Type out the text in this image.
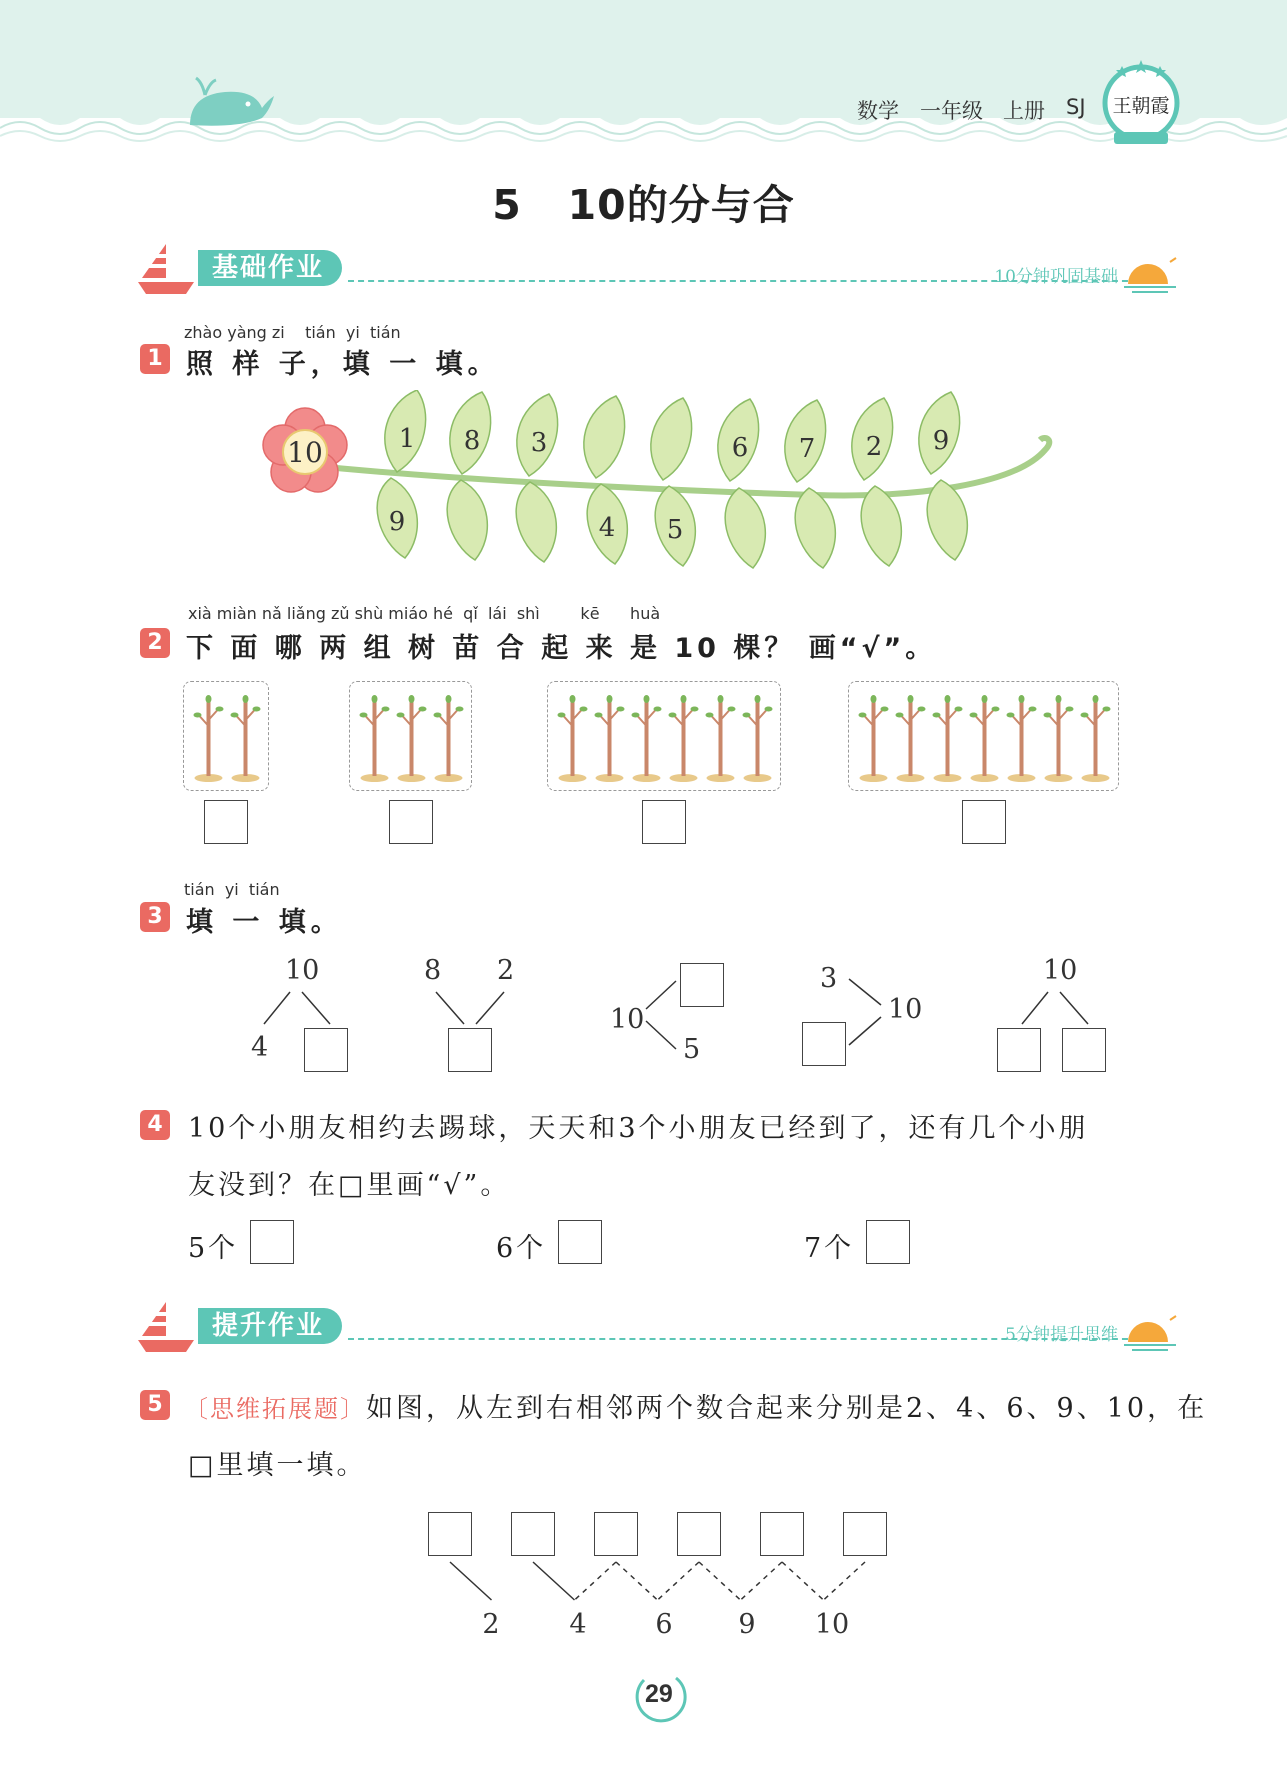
数学 一年级 上册 SJ 王朝霞
5   10的分与合
基础作业	10分钟巩固基础
zhào yàng zi    tián  yi  tián
1 照 样 子，填 一 填。
1 8 3	6 7 2 9
9	4 5
10
xià miàn nǎ liǎng zǔ shù miáo hé  qǐ  lái  shì        kē      huà
2 下 面 哪 两 组 树 苗 合 起 来 是 10 棵？ 画“√”。
tián  yi  tián
3 填 一 填。
10
4
8 2
10
5
3
10
10
4 10个小朋友相约去踢球，天天和3个小朋友已经到了，还有几个小朋
友没到？在□里画“√”。
5个	6个	7个
提升作业	5分钟提升思维
5 〔思维拓展题〕如图，从左到右相邻两个数合起来分别是2、4、6、9、10，在
□里填一填。
2	4	6 9 10
29
